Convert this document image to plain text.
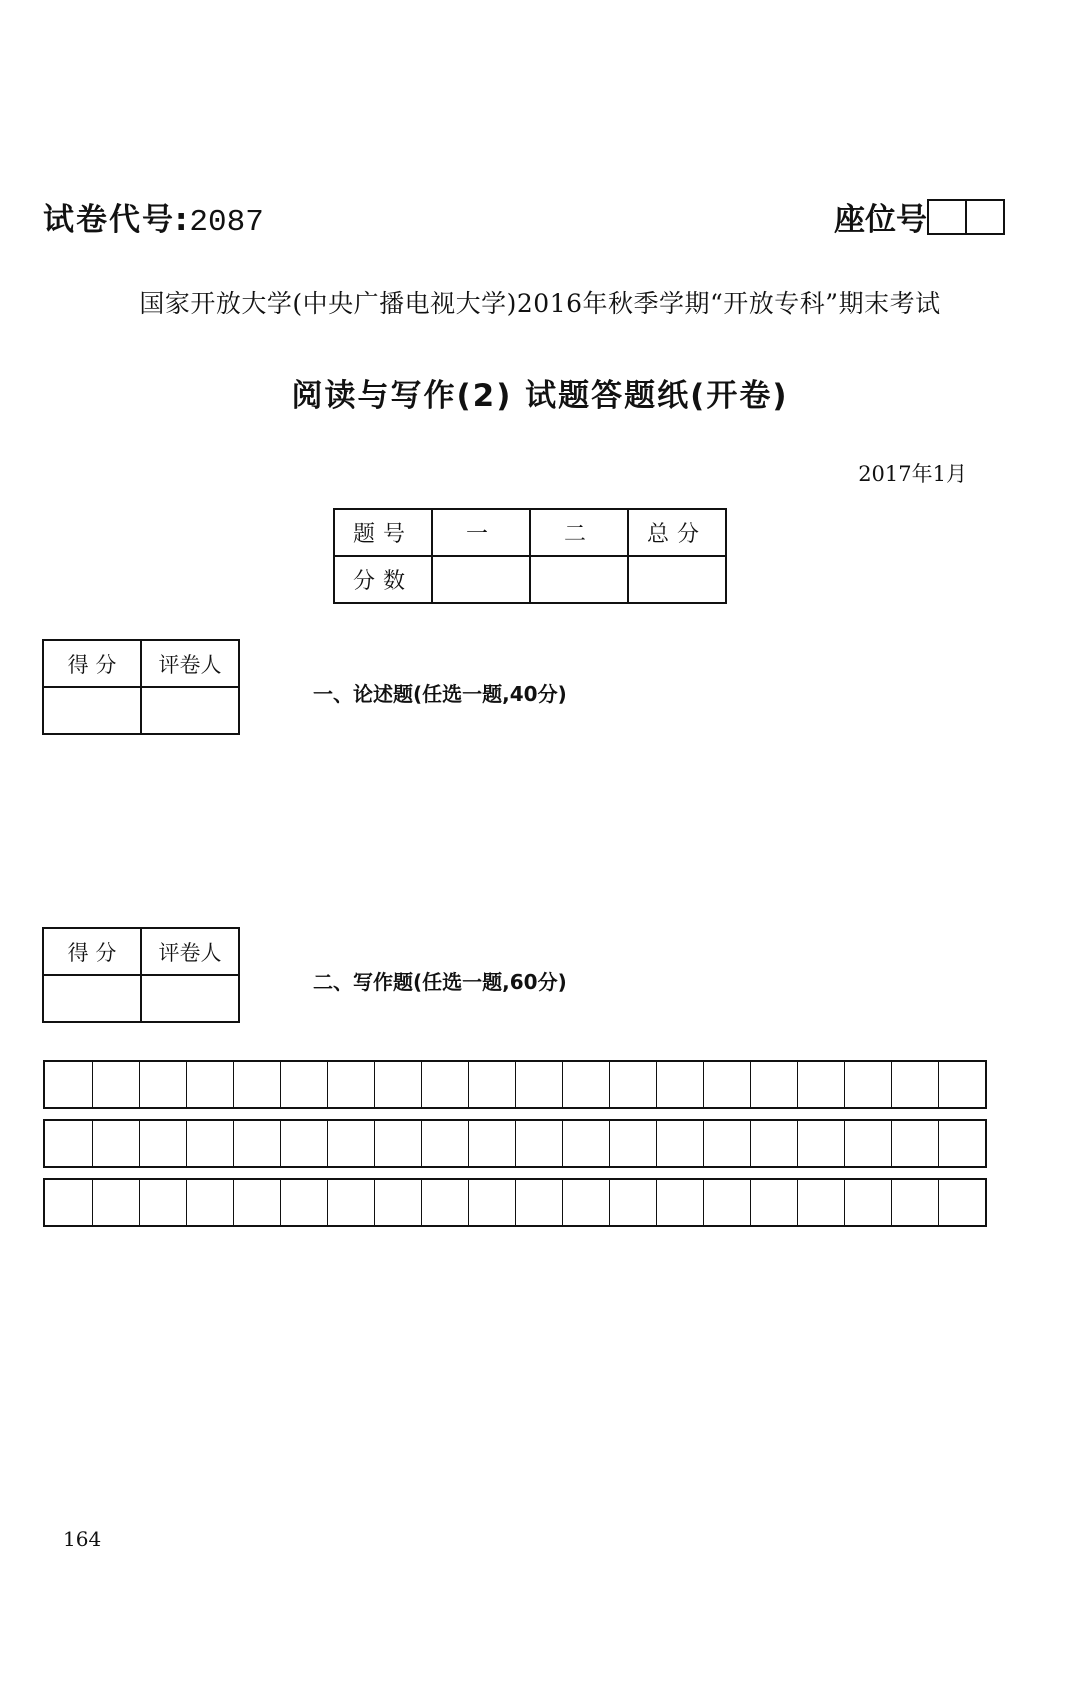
试卷代号:2087	座位号
国家开放大学(中央广播电视大学)2016年秋季学期“开放专科”期末考试
阅读与写作(2) 试题答题纸(开卷)
2017年1月
题号	一	二	总分
分数			
得 分	评卷人

一、论述题(任选一题,40分)
得 分	评卷人

二、写作题(任选一题,60分)
164
